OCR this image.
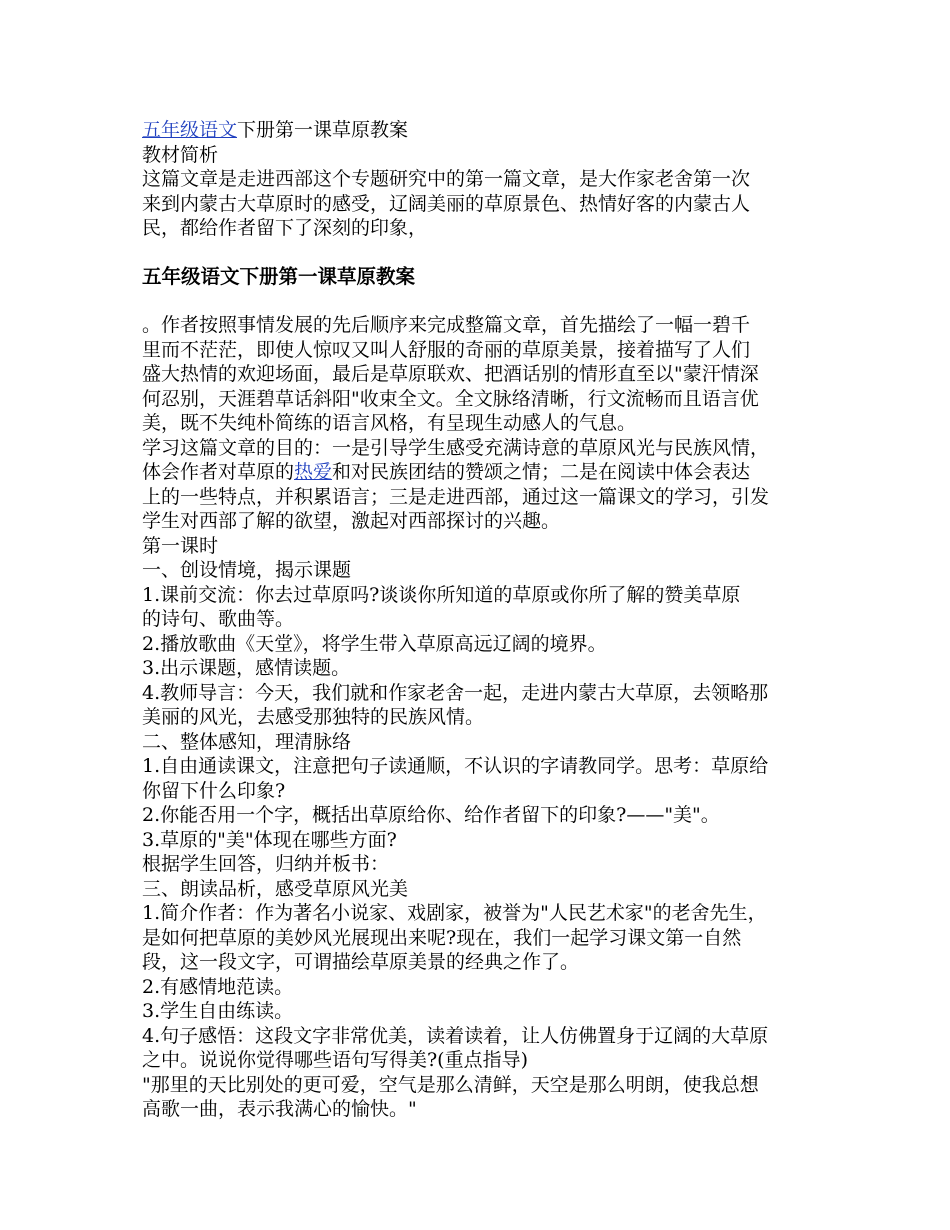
五年级语文下册第一课草原教案
教材简析
这篇文章是走进西部这个专题研究中的第一篇文章，是大作家老舍第一次
来到内蒙古大草原时的感受，辽阔美丽的草原景色、热情好客的内蒙古人
民，都给作者留下了深刻的印象，
五年级语文下册第一课草原教案
。作者按照事情发展的先后顺序来完成整篇文章，首先描绘了一幅一碧千
里而不茫茫，即使人惊叹又叫人舒服的奇丽的草原美景，接着描写了人们
盛大热情的欢迎场面，最后是草原联欢、把酒话别的情形直至以"蒙汗情深
何忍别，天涯碧草话斜阳"收束全文。全文脉络清晰，行文流畅而且语言优
美，既不失纯朴简练的语言风格，有呈现生动感人的气息。
学习这篇文章的目的：一是引导学生感受充满诗意的草原风光与民族风情，
体会作者对草原的热爱和对民族团结的赞颂之情；二是在阅读中体会表达
上的一些特点，并积累语言；三是走进西部，通过这一篇课文的学习，引发
学生对西部了解的欲望，激起对西部探讨的兴趣。
第一课时
一、创设情境，揭示课题
1.课前交流：你去过草原吗?谈谈你所知道的草原或你所了解的赞美草原
的诗句、歌曲等。
2.播放歌曲《天堂》，将学生带入草原高远辽阔的境界。
3.出示课题，感情读题。
4.教师导言：今天，我们就和作家老舍一起，走进内蒙古大草原，去领略那
美丽的风光，去感受那独特的民族风情。
二、整体感知，理清脉络
1.自由通读课文，注意把句子读通顺，不认识的字请教同学。思考：草原给
你留下什么印象?
2.你能否用一个字，概括出草原给你、给作者留下的印象?——"美"。
3.草原的"美"体现在哪些方面?
根据学生回答，归纳并板书：
三、朗读品析，感受草原风光美
1.简介作者：作为著名小说家、戏剧家，被誉为"人民艺术家"的老舍先生，
是如何把草原的美妙风光展现出来呢?现在，我们一起学习课文第一自然
段，这一段文字，可谓描绘草原美景的经典之作了。
2.有感情地范读。
3.学生自由练读。
4.句子感悟：这段文字非常优美，读着读着，让人仿佛置身于辽阔的大草原
之中。说说你觉得哪些语句写得美?(重点指导)
"那里的天比别处的更可爱，空气是那么清鲜，天空是那么明朗，使我总想
高歌一曲，表示我满心的愉快。"
